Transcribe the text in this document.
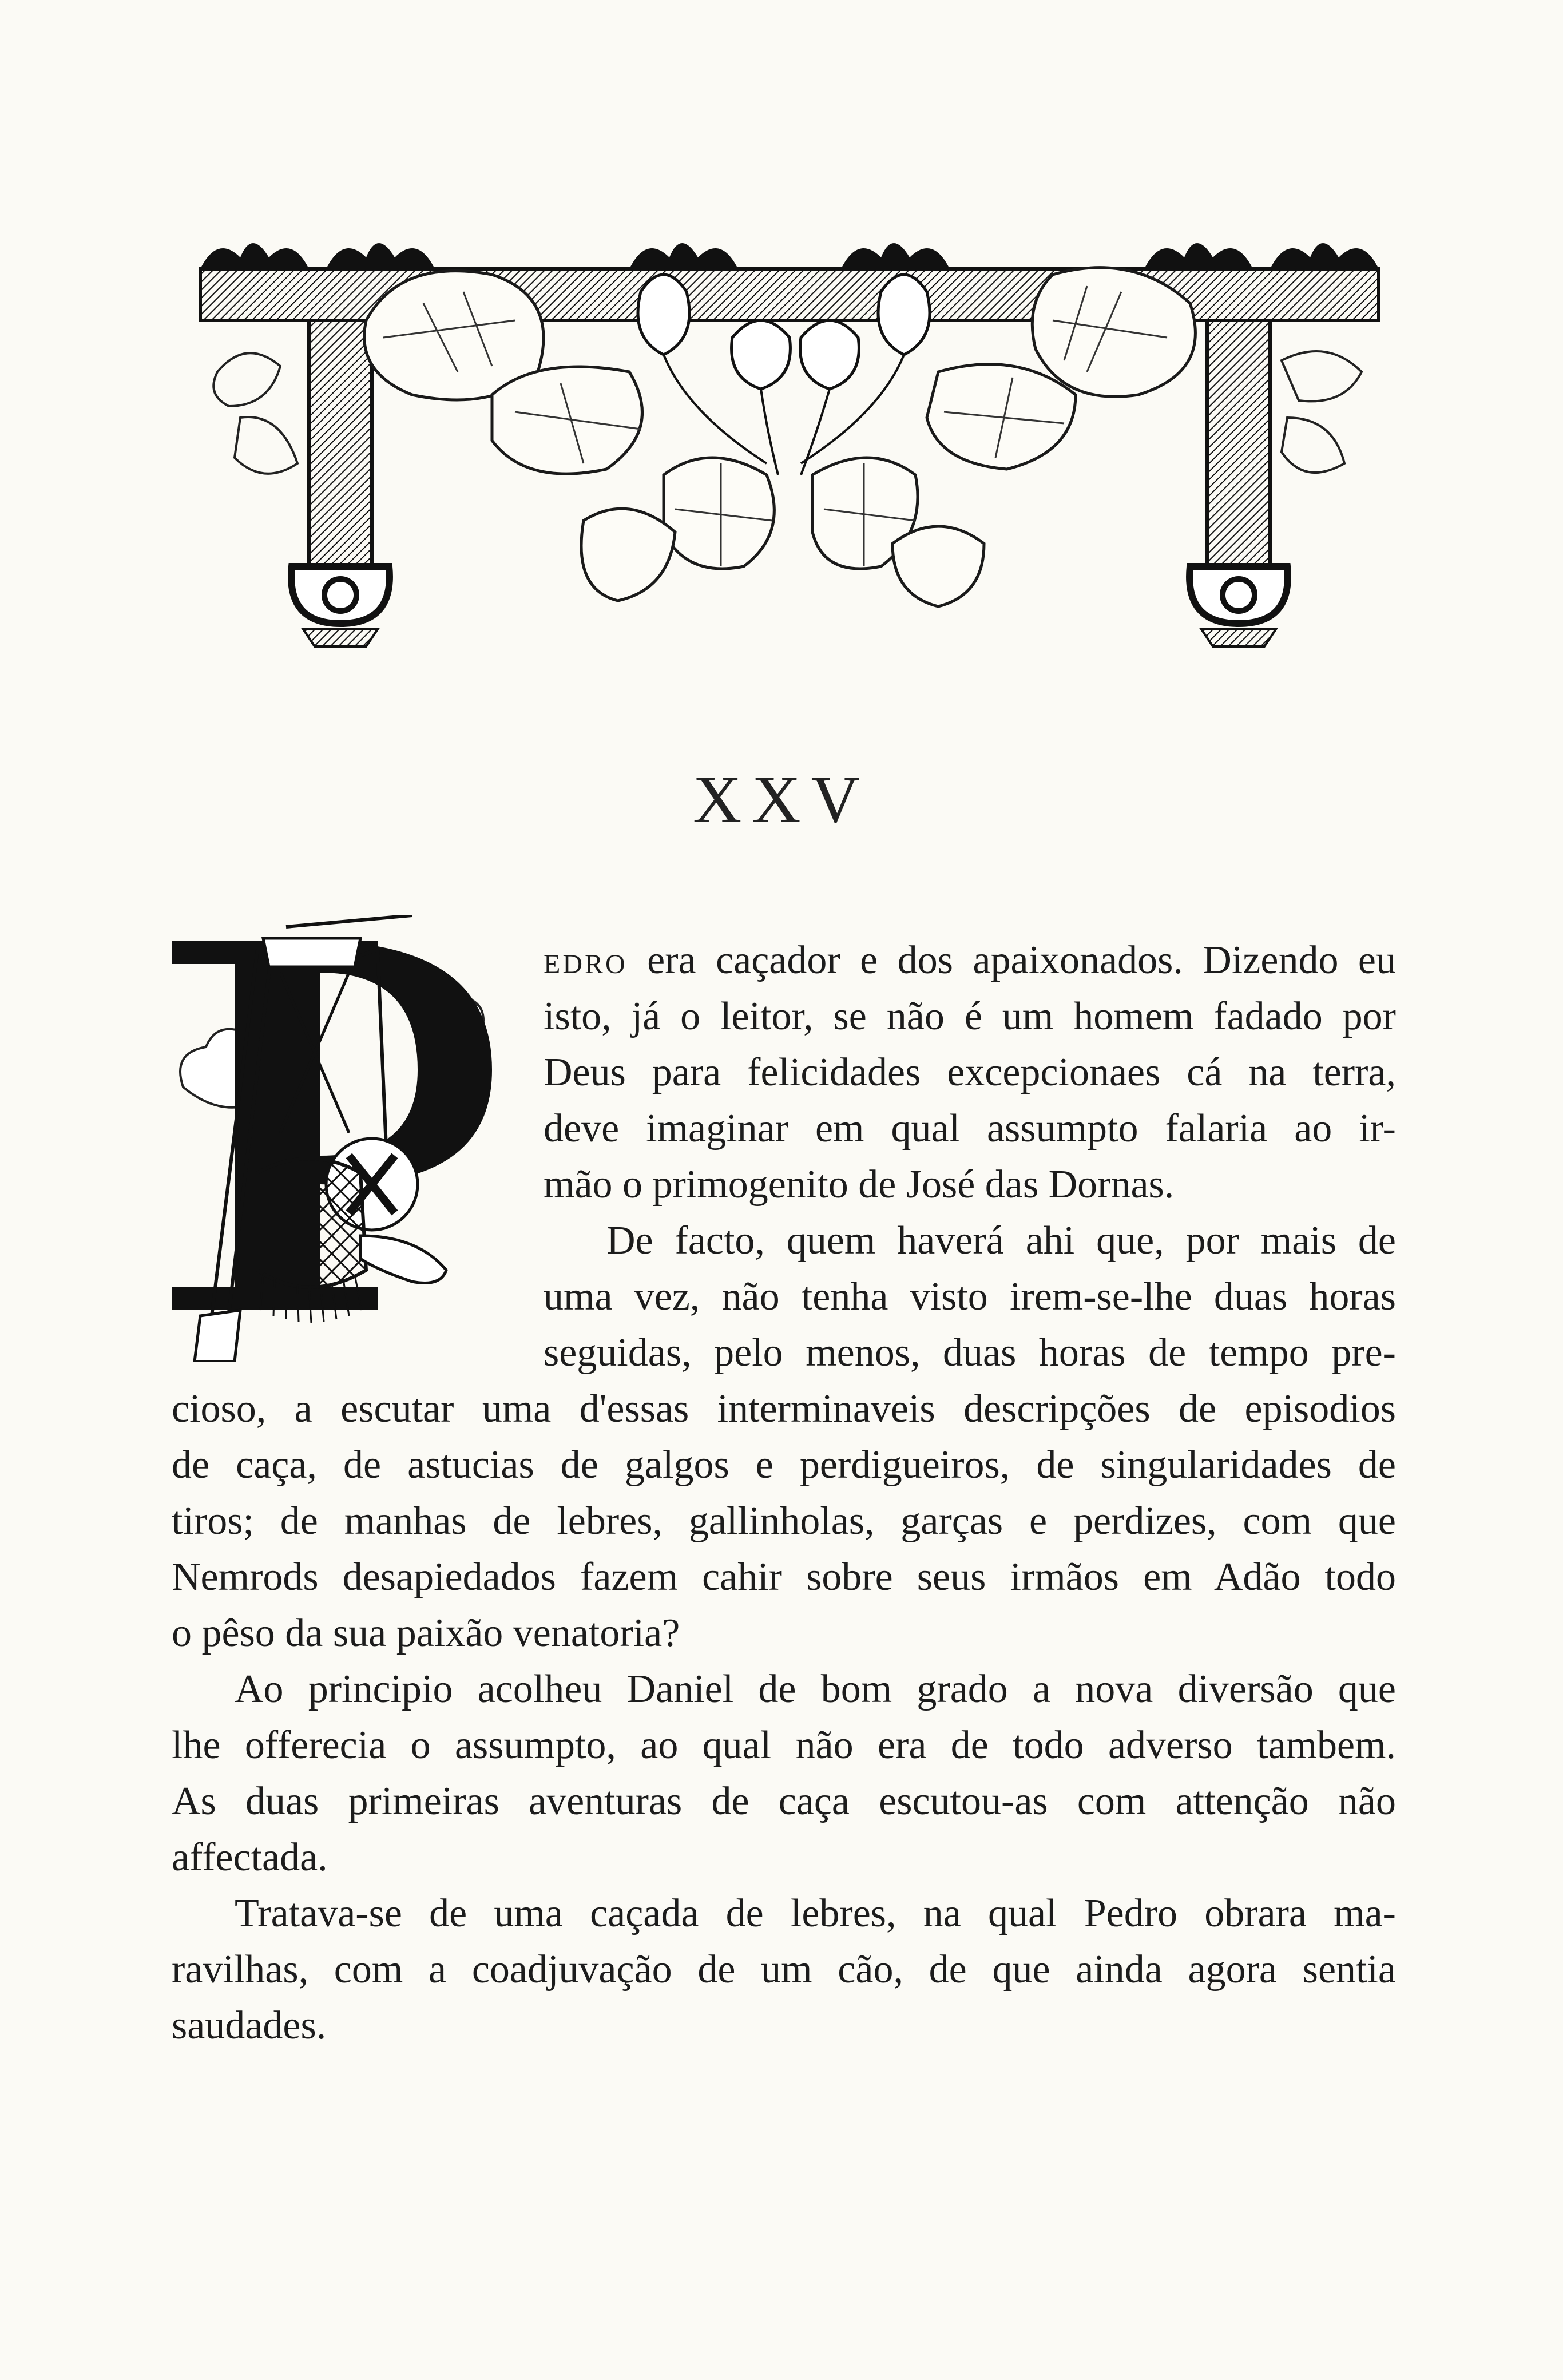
XXV
EDRO era caçador e dos apaixonados. Dizendo eu
isto, já o leitor, se não é um homem fadado por
Deus para felicidades excepcionaes cá na terra,
deve imaginar em qual assumpto falaria ao ir-
mão o primogenito de José das Dornas.
De facto, quem haverá ahi que, por mais de
uma vez, não tenha visto irem-se-lhe duas horas
seguidas, pelo menos, duas horas de tempo pre-
cioso, a escutar uma d'essas interminaveis descripções de episodios
de caça, de astucias de galgos e perdigueiros, de singularidades de
tiros; de manhas de lebres, gallinholas, garças e perdizes, com que
Nemrods desapiedados fazem cahir sobre seus irmãos em Adão todo
o pêso da sua paixão venatoria?
Ao principio acolheu Daniel de bom grado a nova diversão que
lhe offerecia o assumpto, ao qual não era de todo adverso tambem.
As duas primeiras aventuras de caça escutou-as com attenção não
affectada.
Tratava-se de uma caçada de lebres, na qual Pedro obrara ma-
ravilhas, com a coadjuvação de um cão, de que ainda agora sentia
saudades.
